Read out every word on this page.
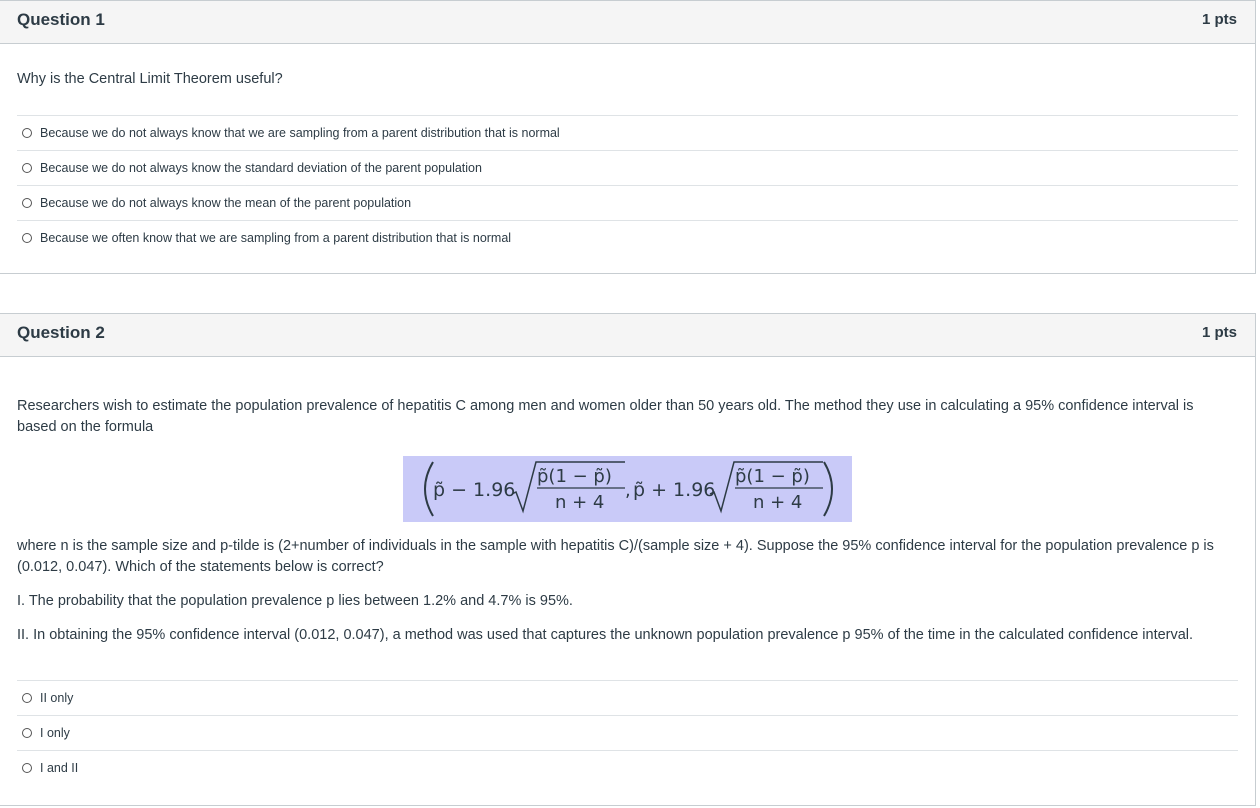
Question 1	1 pts
Why is the Central Limit Theorem useful?
Because we do not always know that we are sampling from a parent distribution that is normal
Because we do not always know the standard deviation of the parent population
Because we do not always know the mean of the parent population
Because we often know that we are sampling from a parent distribution that is normal
Question 2	1 pts
Researchers wish to estimate the population prevalence of hepatitis C among men and women older than 50 years old. The method they use in calculating a 95% confidence interval is based on the formula
p̃ − 1.96
p̃(1 − p̃)
n + 4
, p̃ + 1.96
p̃(1 − p̃)
n + 4
where n is the sample size and p-tilde is (2+number of individuals in the sample with hepatitis C)/(sample size + 4). Suppose the 95% confidence interval for the population prevalence p is (0.012, 0.047). Which of the statements below is correct?
I. The probability that the population prevalence p lies between 1.2% and 4.7% is 95%.
II. In obtaining the 95% confidence interval (0.012, 0.047), a method was used that captures the unknown population prevalence p 95% of the time in the calculated confidence interval.
II only
I only
I and II
